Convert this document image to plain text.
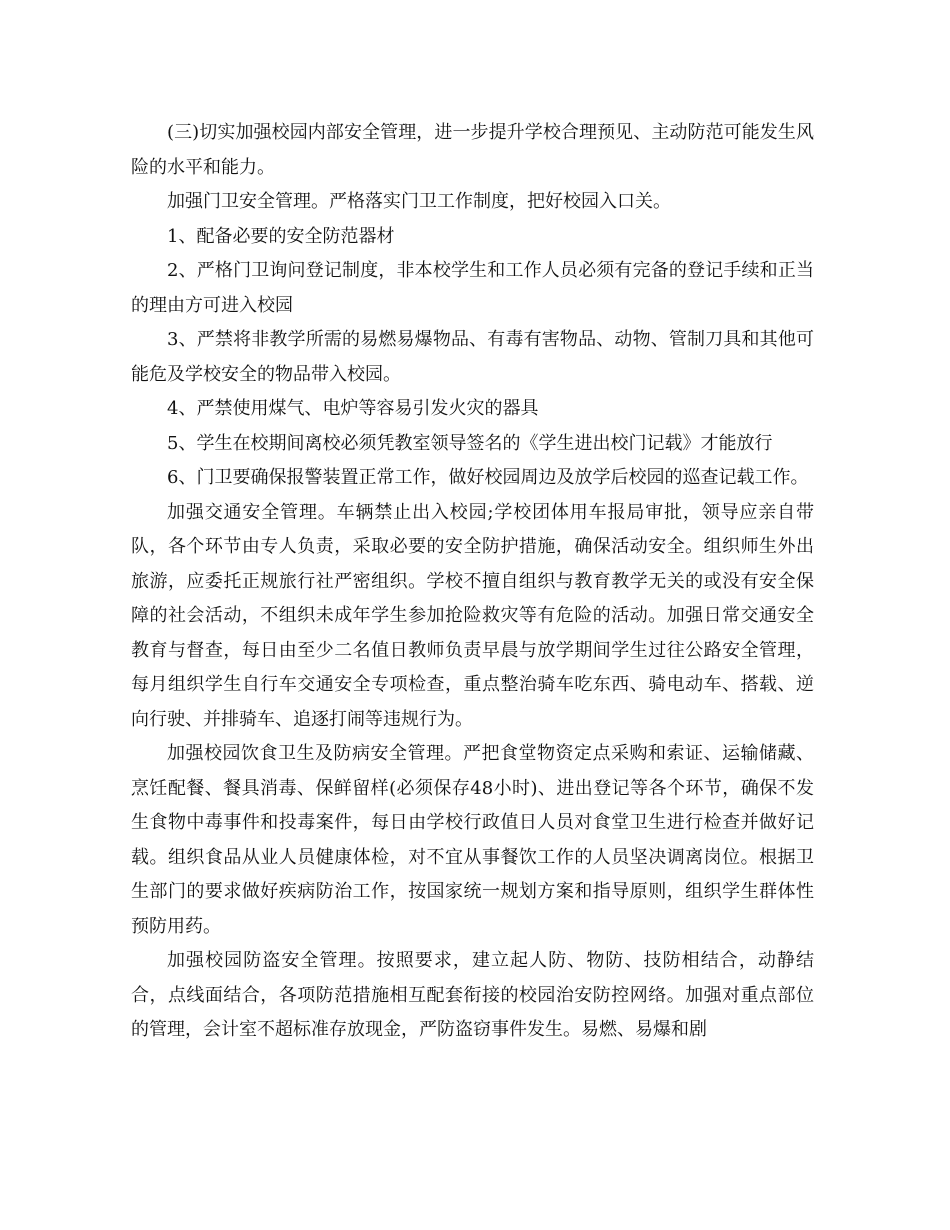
(三)切实加强校园内部安全管理，进一步提升学校合理预见、主动防范可能发生风险的水平和能力。

加强门卫安全管理。严格落实门卫工作制度，把好校园入口关。

1、配备必要的安全防范器材

2、严格门卫询问登记制度，非本校学生和工作人员必须有完备的登记手续和正当的理由方可进入校园

3、严禁将非教学所需的易燃易爆物品、有毒有害物品、动物、管制刀具和其他可能危及学校安全的物品带入校园。

4、严禁使用煤气、电炉等容易引发火灾的器具

5、学生在校期间离校必须凭教室领导签名的《学生进出校门记载》才能放行

6、门卫要确保报警装置正常工作，做好校园周边及放学后校园的巡查记载工作。

加强交通安全管理。车辆禁止出入校园;学校团体用车报局审批，领导应亲自带队，各个环节由专人负责，采取必要的安全防护措施，确保活动安全。组织师生外出旅游，应委托正规旅行社严密组织。学校不擅自组织与教育教学无关的或没有安全保障的社会活动，不组织未成年学生参加抢险救灾等有危险的活动。加强日常交通安全教育与督查，每日由至少二名值日教师负责早晨与放学期间学生过往公路安全管理，每月组织学生自行车交通安全专项检查，重点整治骑车吃东西、骑电动车、搭载、逆向行驶、并排骑车、追逐打闹等违规行为。

加强校园饮食卫生及防病安全管理。严把食堂物资定点采购和索证、运输储藏、烹饪配餐、餐具消毒、保鲜留样(必须保存48小时)、进出登记等各个环节，确保不发生食物中毒事件和投毒案件，每日由学校行政值日人员对食堂卫生进行检查并做好记载。组织食品从业人员健康体检，对不宜从事餐饮工作的人员坚决调离岗位。根据卫生部门的要求做好疾病防治工作，按国家统一规划方案和指导原则，组织学生群体性预防用药。

加强校园防盗安全管理。按照要求，建立起人防、物防、技防相结合，动静结合，点线面结合，各项防范措施相互配套衔接的校园治安防控网络。加强对重点部位的管理，会计室不超标准存放现金，严防盗窃事件发生。易燃、易爆和剧
